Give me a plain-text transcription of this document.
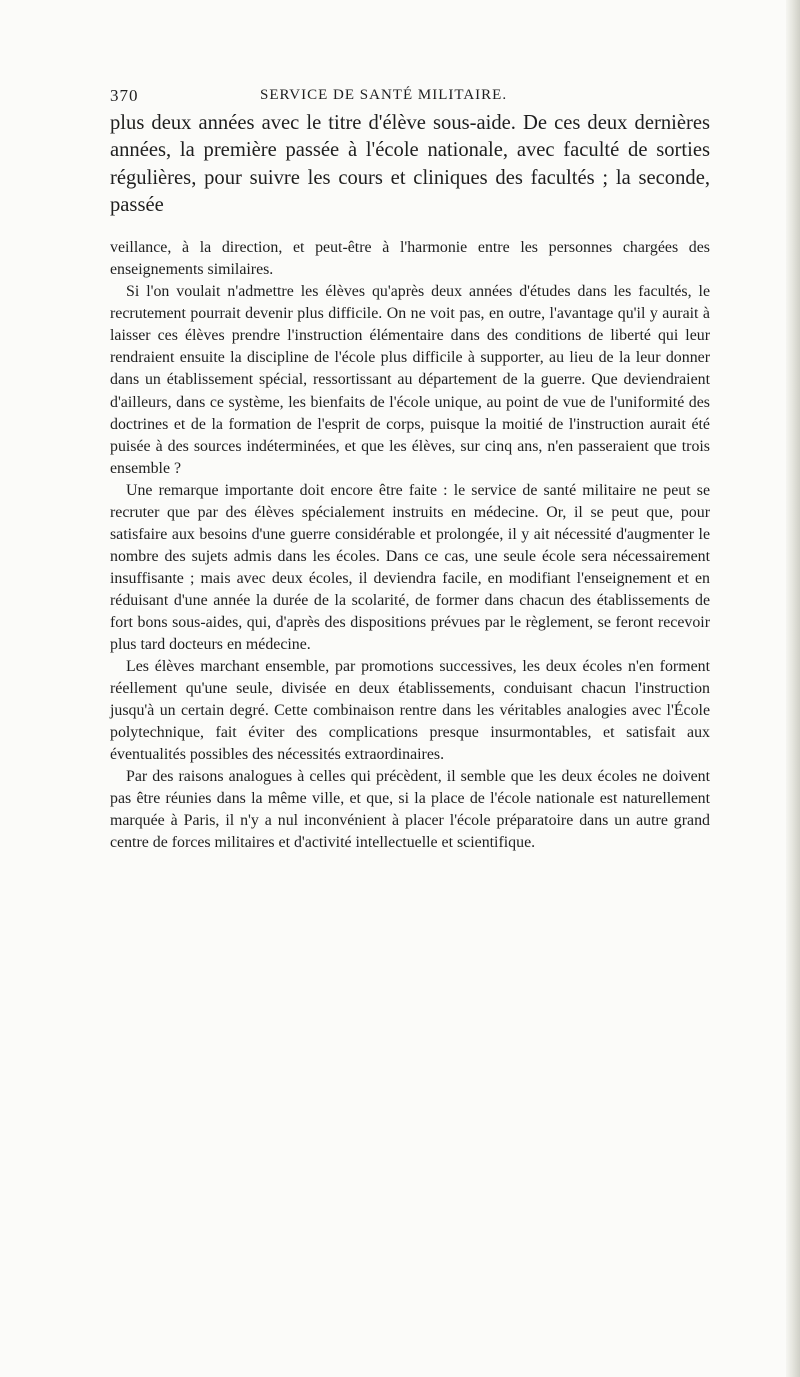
370	SERVICE DE SANTÉ MILITAIRE.

plus deux années avec le titre d'élève sous-aide. De ces deux dernières années, la première passée à l'école nationale, avec faculté de sorties régulières, pour suivre les cours et cliniques des facultés ; la seconde, passée

veillance, à la direction, et peut-être à l'harmonie entre les personnes chargées des enseignements similaires.

Si l'on voulait n'admettre les élèves qu'après deux années d'études dans les facultés, le recrutement pourrait devenir plus difficile. On ne voit pas, en outre, l'avantage qu'il y aurait à laisser ces élèves prendre l'instruction élémentaire dans des conditions de liberté qui leur rendraient ensuite la discipline de l'école plus difficile à supporter, au lieu de la leur donner dans un établissement spécial, ressortissant au département de la guerre. Que deviendraient d'ailleurs, dans ce système, les bienfaits de l'école unique, au point de vue de l'uniformité des doctrines et de la formation de l'esprit de corps, puisque la moitié de l'instruction aurait été puisée à des sources indéterminées, et que les élèves, sur cinq ans, n'en passeraient que trois ensemble ?

Une remarque importante doit encore être faite : le service de santé militaire ne peut se recruter que par des élèves spécialement instruits en médecine. Or, il se peut que, pour satisfaire aux besoins d'une guerre considérable et prolongée, il y ait nécessité d'augmenter le nombre des sujets admis dans les écoles. Dans ce cas, une seule école sera nécessairement insuffisante ; mais avec deux écoles, il deviendra facile, en modifiant l'enseignement et en réduisant d'une année la durée de la scolarité, de former dans chacun des établissements de fort bons sous-aides, qui, d'après des dispositions prévues par le règlement, se feront recevoir plus tard docteurs en médecine.

Les élèves marchant ensemble, par promotions successives, les deux écoles n'en forment réellement qu'une seule, divisée en deux établissements, conduisant chacun l'instruction jusqu'à un certain degré. Cette combinaison rentre dans les véritables analogies avec l'École polytechnique, fait éviter des complications presque insurmontables, et satisfait aux éventualités possibles des nécessités extraordinaires.

Par des raisons analogues à celles qui précèdent, il semble que les deux écoles ne doivent pas être réunies dans la même ville, et que, si la place de l'école nationale est naturellement marquée à Paris, il n'y a nul inconvénient à placer l'école préparatoire dans un autre grand centre de forces militaires et d'activité intellectuelle et scientifique.
